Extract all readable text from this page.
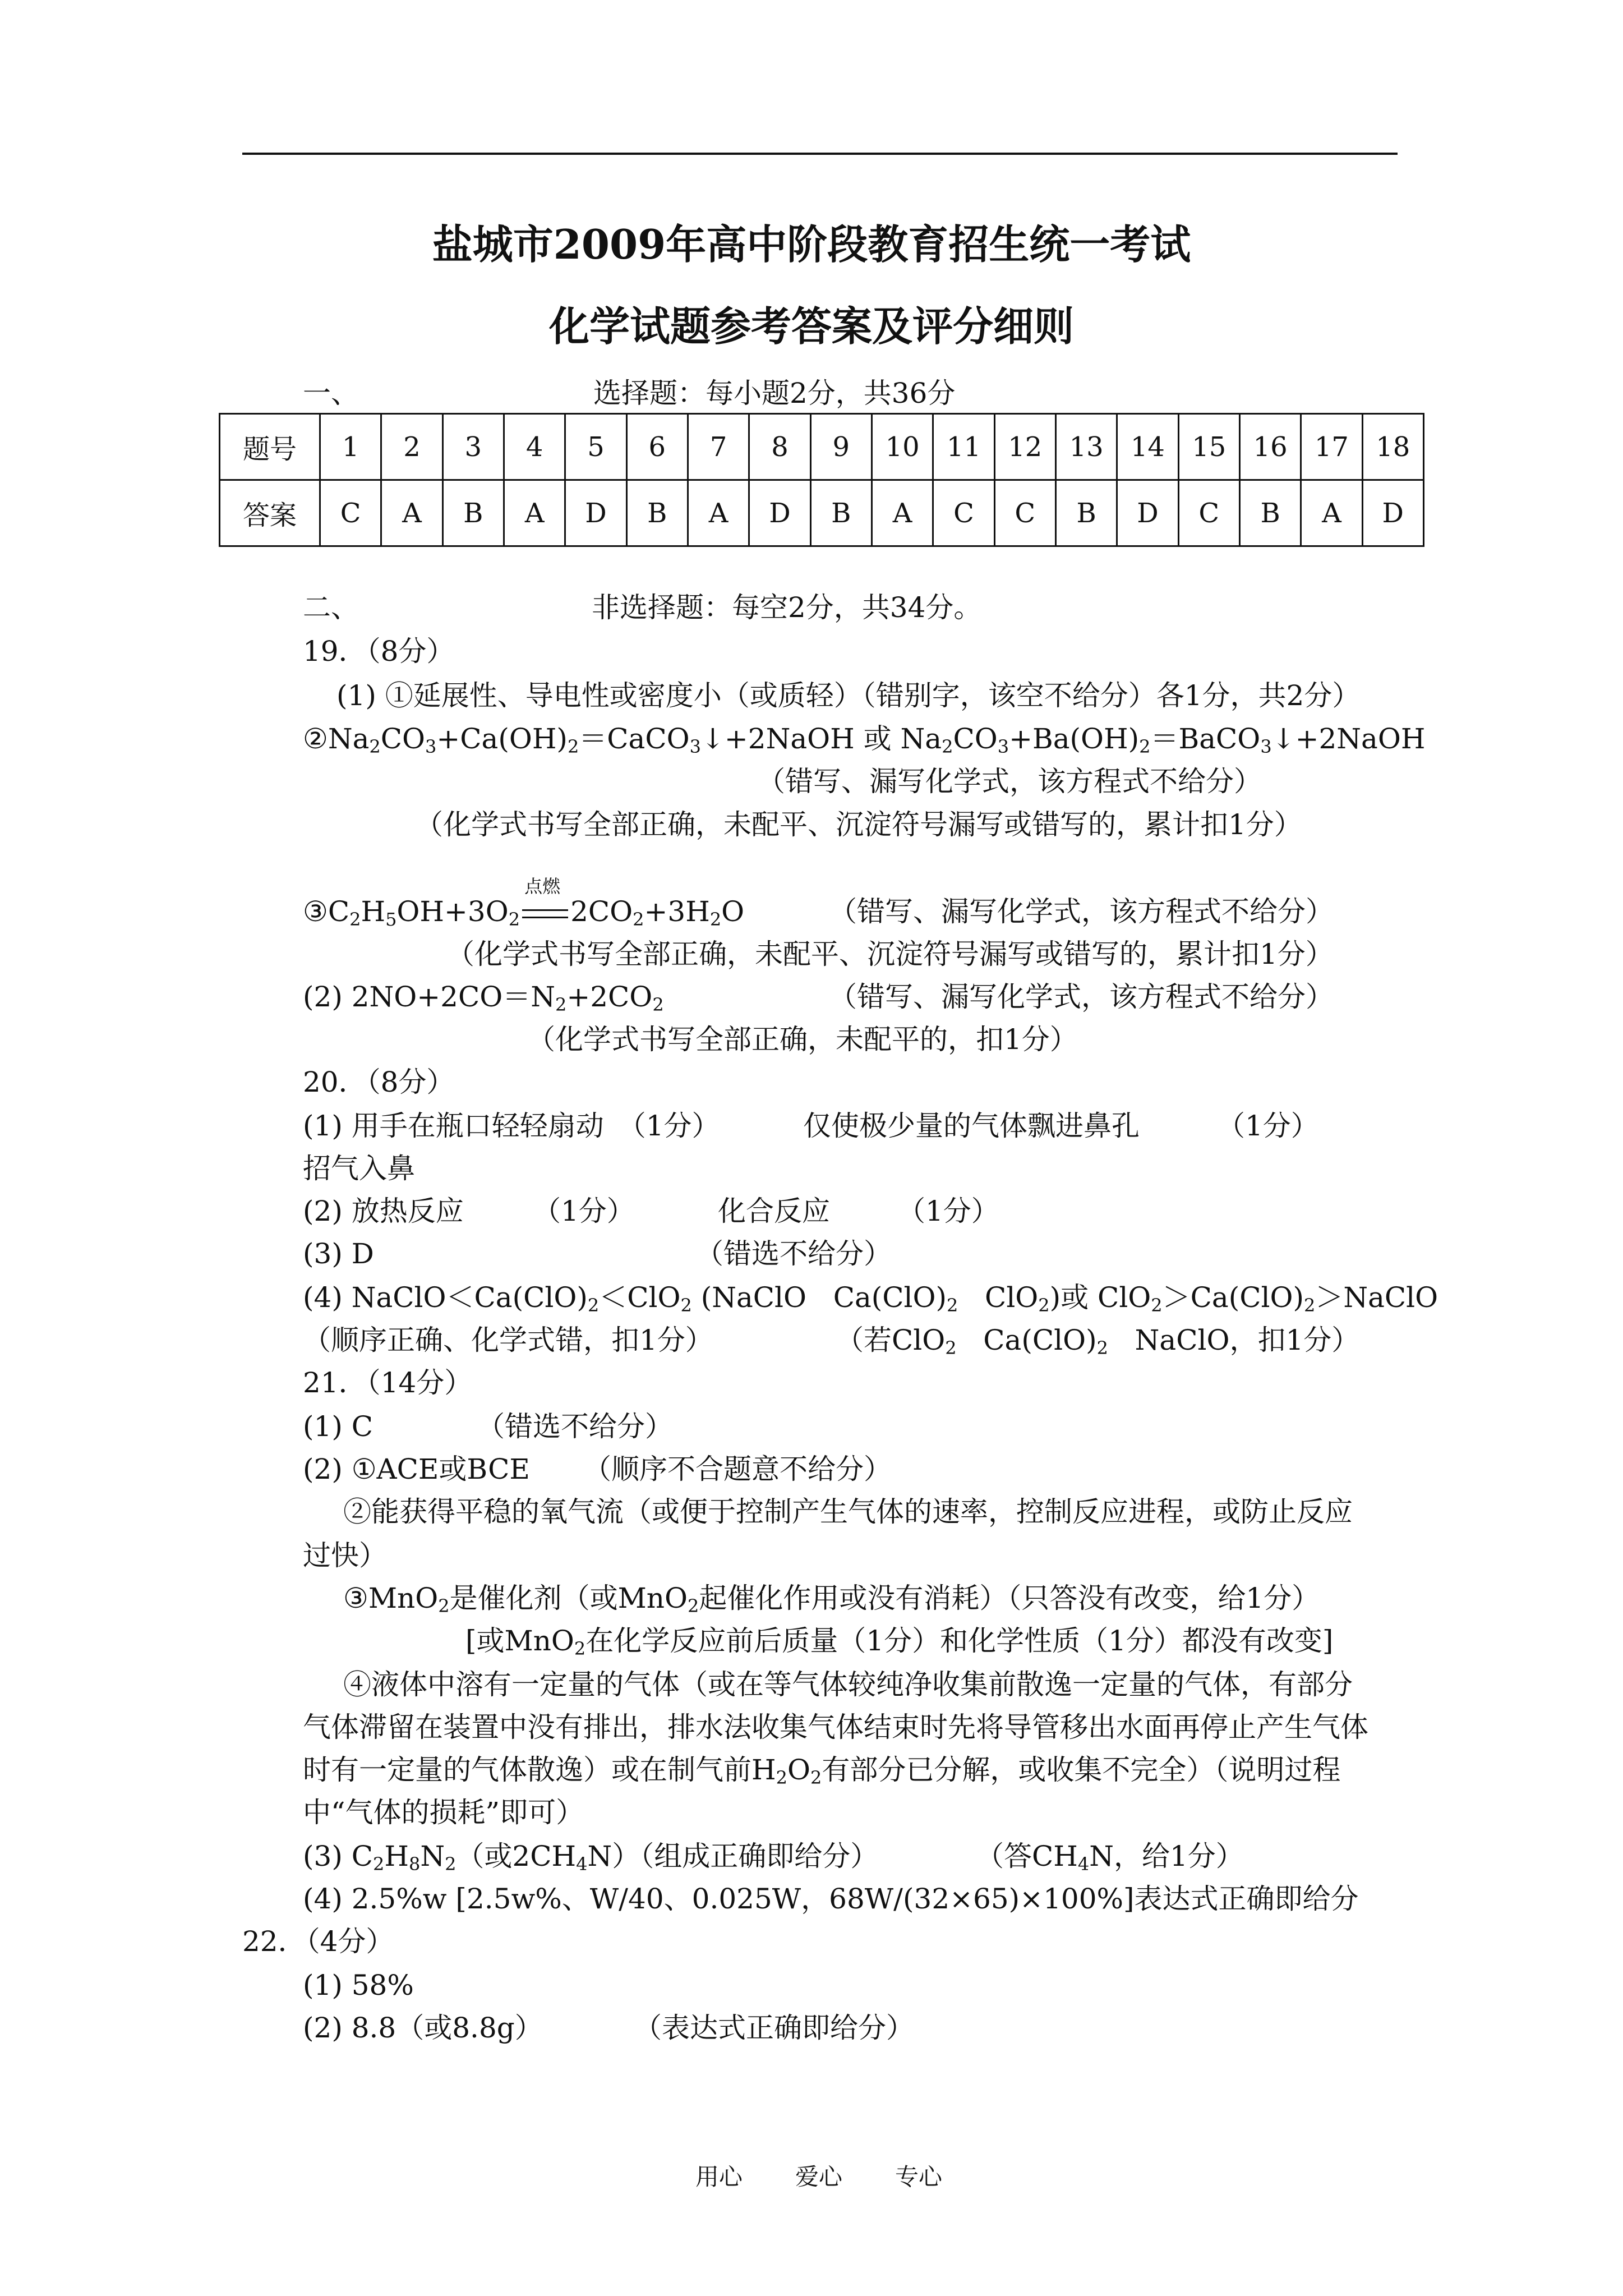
盐城市2009年高中阶段教育招生统一考试
化学试题参考答案及评分细则
一、	选择题：每小题2分，共36分
题号	1	2	3	4	5	6	7	8	9	10	11	12	13	14	15	16	17	18
答案	C	A	B	A	D	B	A	D	B	A	C	C	B	D	C	B	A	D
二、	非选择题：每空2分，共34分。
19．（8分）
(1) ①延展性、导电性或密度小（或质轻）（错别字，该空不给分）各1分，共2分）
$②Na_2CO_3+Ca(OH)_2=CaCO_3↓+2NaOH$ 或 $Na_2CO_3+Ba(OH)_2=BaCO_3↓+2NaOH$
（错写、漏写化学式，该方程式不给分）
（化学式书写全部正确，未配平、沉淀符号漏写或错写的，累计扣1分）
$③C_2H_5OH+3O_2$
点燃
$2CO_2+3H_2O$	（错写、漏写化学式，该方程式不给分）
（化学式书写全部正确，未配平、沉淀符号漏写或错写的，累计扣1分）
(2) $2NO+2CO=N_2+2CO_2$	（错写、漏写化学式，该方程式不给分）
（化学式书写全部正确，未配平的，扣1分）
20．（8分）
(1) 用手在瓶口轻轻扇动　（1分）	仅使极少量的气体飘进鼻孔	（1分）
招气入鼻
(2) 放热反应 （1分）	化合反应 （1分）
(3) D	（错选不给分）
(4) $NaClO<Ca(ClO)_2<ClO_2$ (NaClO   $Ca(ClO)_2$   ClO$_2$)或 $ClO_2>Ca(ClO)_2>NaClO$
（顺序正确、化学式错，扣1分）	（若ClO$_2$   $Ca(ClO)_2$ NaClO，扣1分）
21．（14分）
(1) C	（错选不给分）
(2) ①ACE或BCE （顺序不合题意不给分）
②能获得平稳的氧气流（或便于控制产生气体的速率，控制反应进程，或防止反应
过快）
③MnO$_2$是催化剂（或MnO$_2$起催化作用或没有消耗）（只答没有改变，给1分）
[或MnO$_2$在化学反应前后质量（1分）和化学性质（1分）都没有改变]
④液体中溶有一定量的气体（或在等气体较纯净收集前散逸一定量的气体，有部分
气体滞留在装置中没有排出，排水法收集气体结束时先将导管移出水面再停止产生气体
时有一定量的气体散逸）或在制气前$H_2O_2$有部分已分解，或收集不完全）（说明过程
中“气体的损耗”即可）
(3) $C_2H_8N_2$（或$2CH_4N$）（组成正确即给分）	（答$CH_4N$，给1分）
(4) 2.5%w [2.5w%、W/40、0.025W，68W/(32×65)×100%]表达式正确即给分
22．（4分）
(1) 58%
(2) 8.8（或8.8g）	（表达式正确即给分）
用心 爱心 专心
